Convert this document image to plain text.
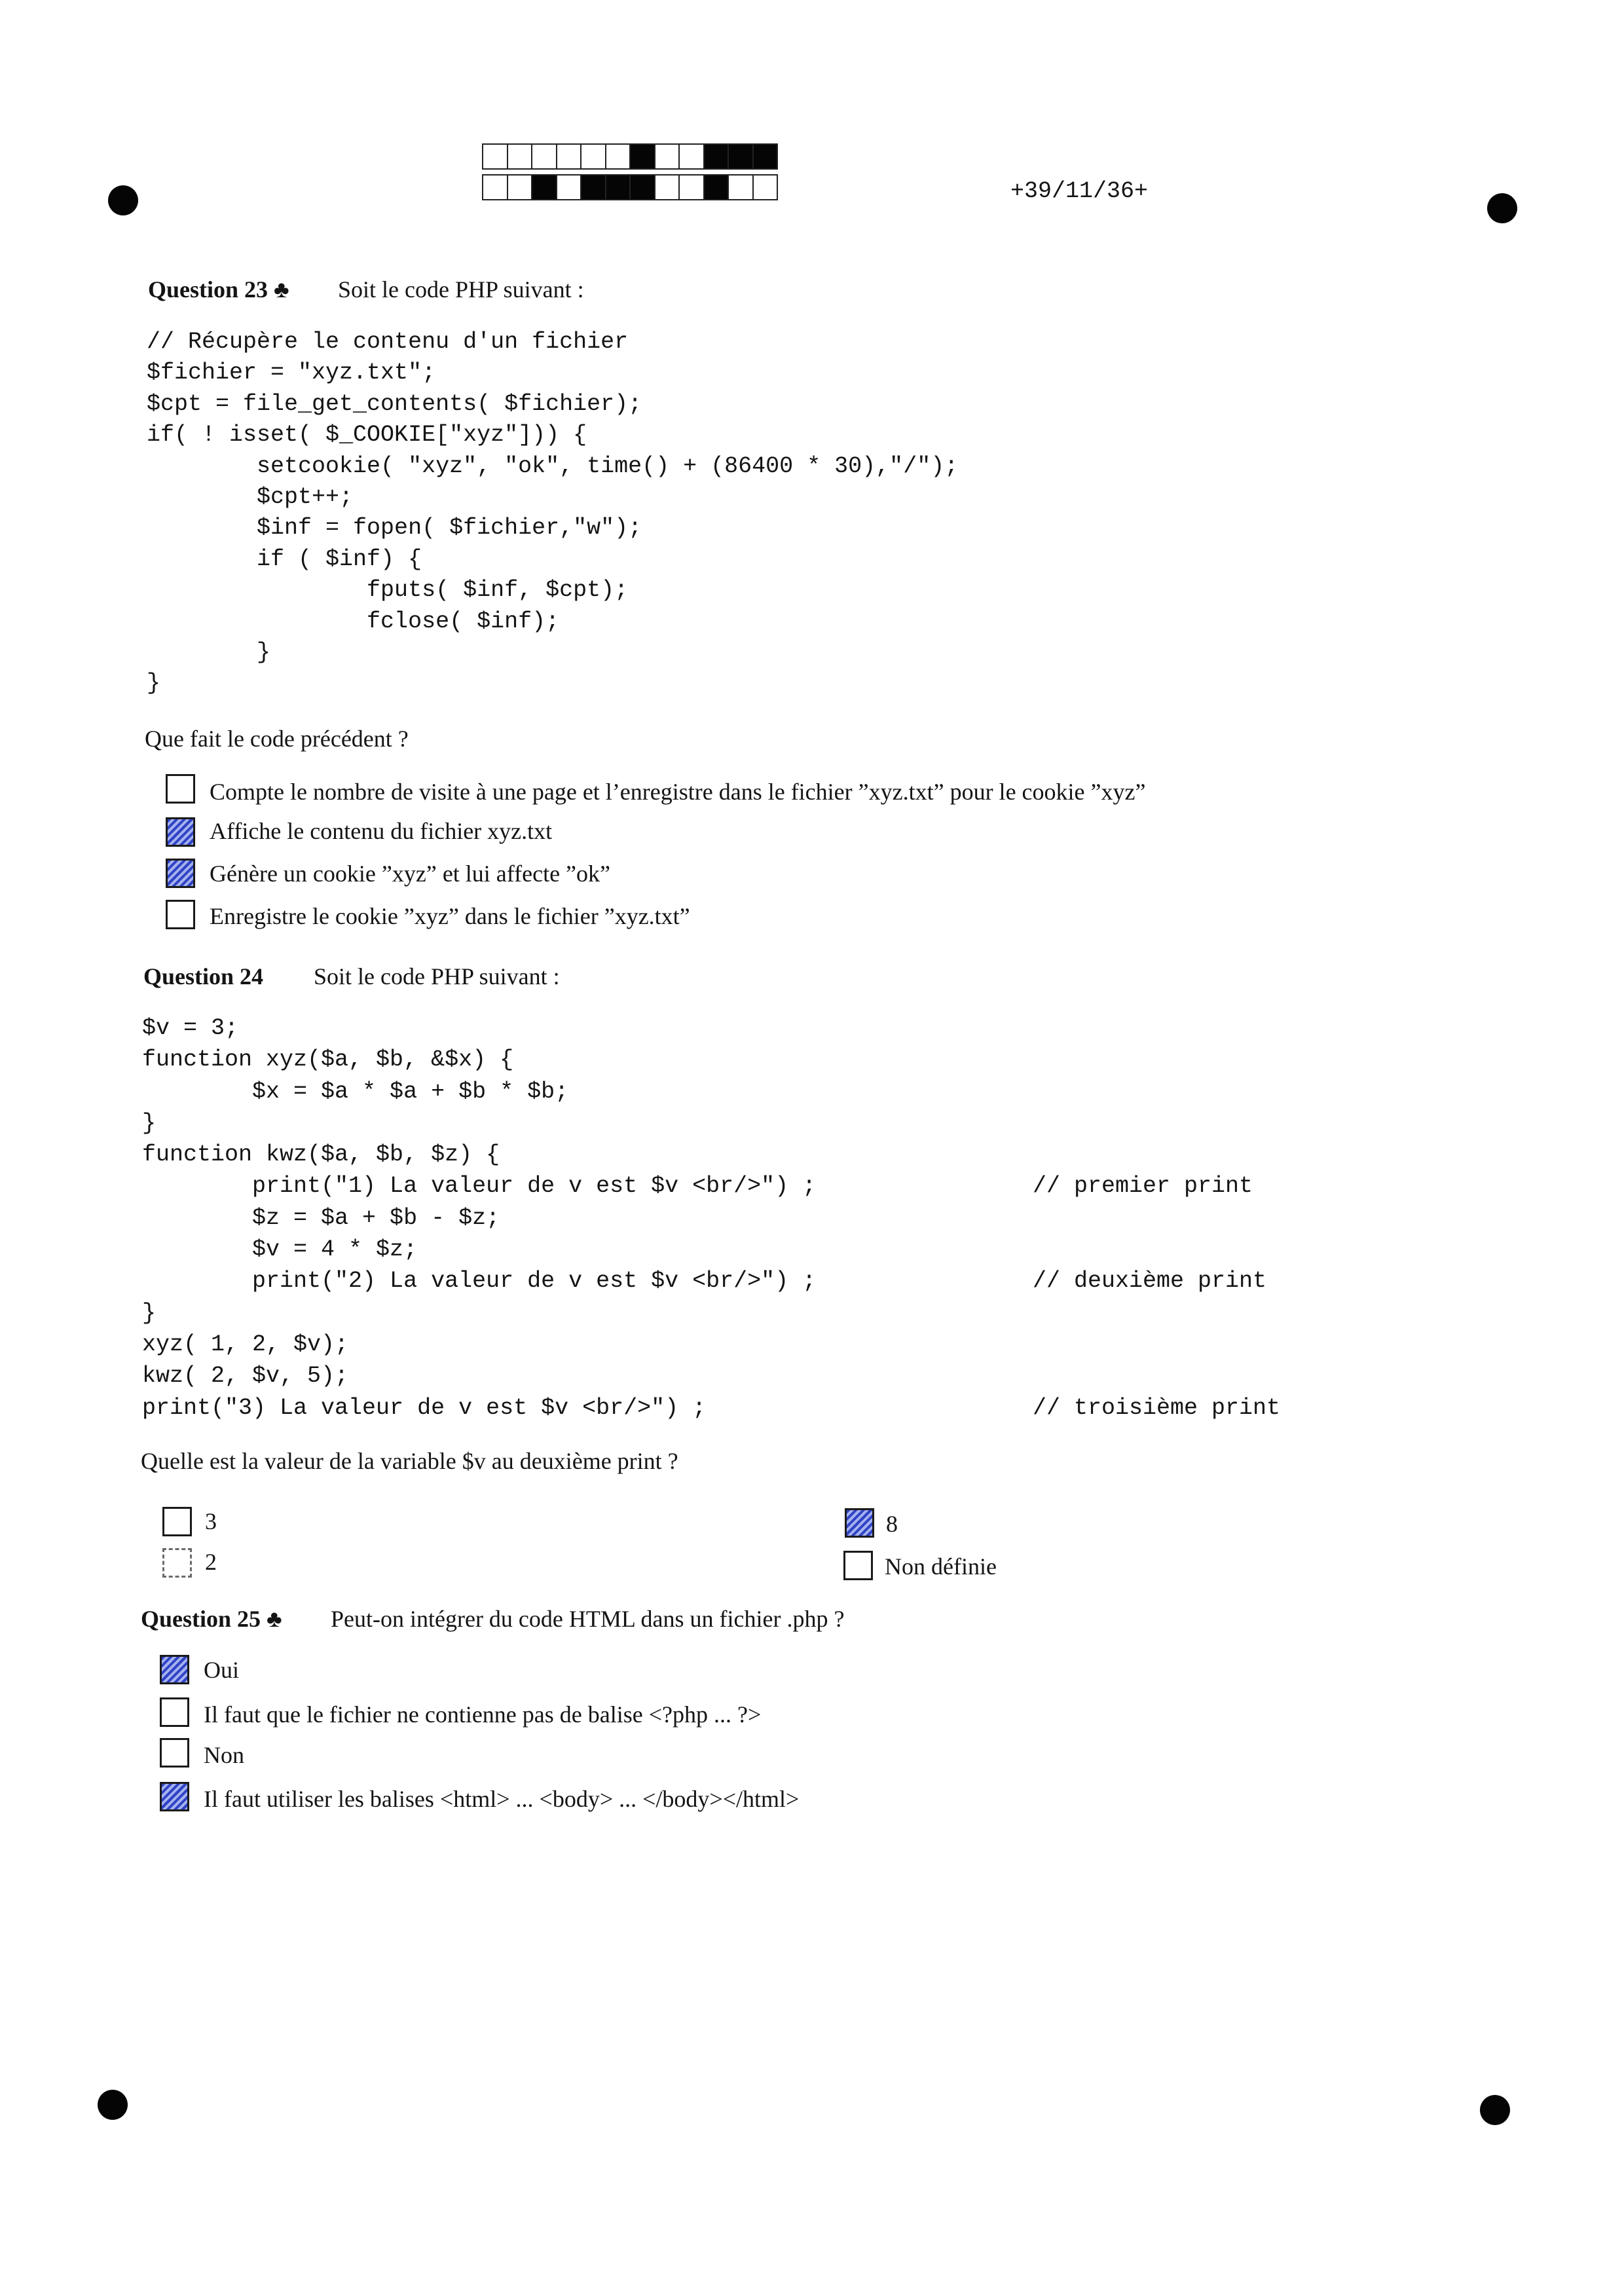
+39/11/36+
Question 23 ♣ Soit le code PHP suivant :
// Récupère le contenu d'un fichier
$fichier = "xyz.txt";
$cpt = file_get_contents( $fichier);
if( ! isset( $_COOKIE["xyz"])) {
setcookie( "xyz", "ok", time() + (86400 * 30),"/");
$cpt++;
$inf = fopen( $fichier,"w");
if ( $inf) {
fputs( $inf, $cpt);
fclose( $inf);
}
}
Que fait le code précédent ?
Compte le nombre de visite à une page et l’enregistre dans le fichier ”xyz.txt” pour le cookie ”xyz”
Affiche le contenu du fichier xyz.txt
Génère un cookie ”xyz” et lui affecte ”ok”
Enregistre le cookie ”xyz” dans le fichier ”xyz.txt”
Question 24 Soit le code PHP suivant :
$v = 3;
function xyz($a, $b, &$x) {
$x = $a * $a + $b * $b;
}
function kwz($a, $b, $z) {
print("1) La valeur de v est $v <br/>") ;	// premier print
$z = $a + $b - $z;
$v = 4 * $z;
print("2) La valeur de v est $v <br/>") ;	// deuxième print
}
xyz( 1, 2, $v);
kwz( 2, $v, 5);
print("3) La valeur de v est $v <br/>") ;	// troisième print
Quelle est la valeur de la variable $v au deuxième print ?
3
2
8
Non définie
Question 25 ♣ Peut-on intégrer du code HTML dans un fichier .php ?
Oui
Il faut que le fichier ne contienne pas de balise <?php ... ?>
Non
Il faut utiliser les balises <html> ... <body> ... </body></html>
